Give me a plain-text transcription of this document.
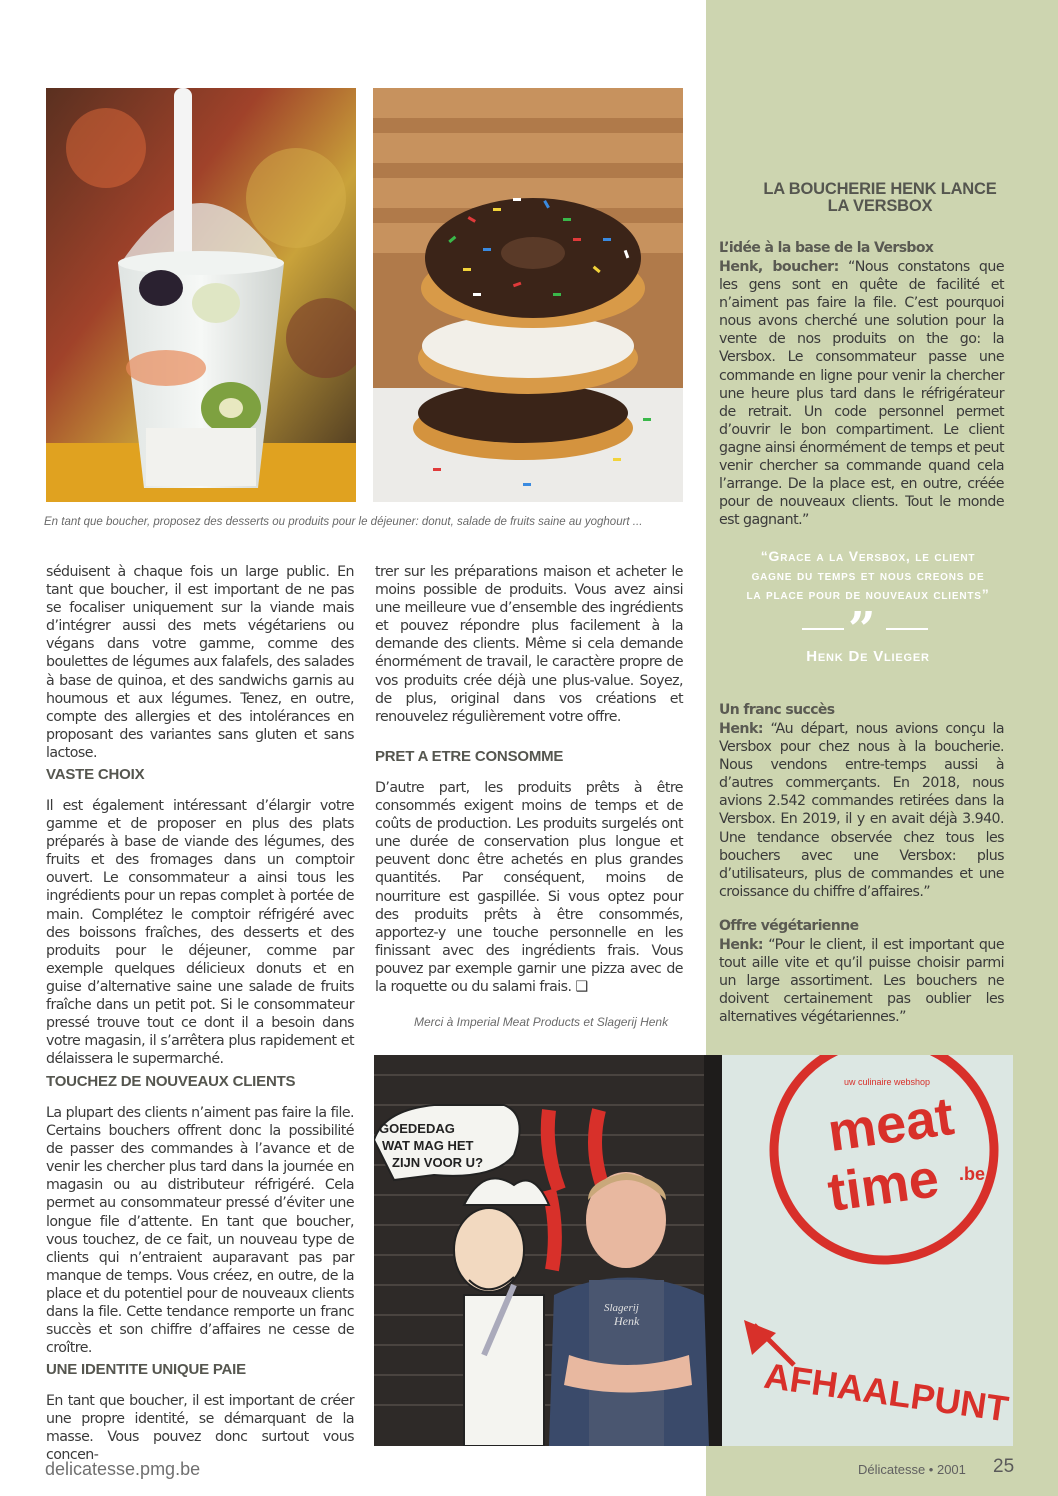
En tant que boucher, proposez des desserts ou produits pour le déjeuner: donut, salade de fruits saine au yoghourt ...

séduisent à chaque fois un large public. En tant que boucher, il est important de ne pas se focaliser uniquement sur la viande mais d’intégrer aussi des mets végétariens ou végans dans votre gamme, comme des boulettes de légumes aux falafels, des salades à base de quinoa, et des sandwichs garnis au houmous et aux légumes. Tenez, en outre, compte des allergies et des intolérances en proposant des variantes sans gluten et sans lactose.

VASTE CHOIX

Il est également intéressant d’élargir votre gamme et de proposer en plus des plats préparés à base de viande des légumes, des fruits et des fromages dans un comptoir ouvert. Le consommateur a ainsi tous les ingrédients pour un repas complet à portée de main. Complétez le comptoir réfrigéré avec des boissons fraîches, des desserts et des produits pour le déjeuner, comme par exemple quelques délicieux donuts et en guise d’alternative saine une salade de fruits fraîche dans un petit pot. Si le consommateur pressé trouve tout ce dont il a besoin dans votre magasin, il s’arrêtera plus rapidement et délaissera le supermarché.

TOUCHEZ DE NOUVEAUX CLIENTS

La plupart des clients n’aiment pas faire la file. Certains bouchers offrent donc la possibilité de passer des commandes à l’avance et de venir les chercher plus tard dans la journée en magasin ou au distributeur réfrigéré. Cela permet au consommateur pressé d’éviter une longue file d’attente. En tant que boucher, vous touchez, de ce fait, un nouveau type de clients qui n’entraient auparavant pas par manque de temps. Vous créez, en outre, de la place et du potentiel pour de nouveaux clients dans la file. Cette tendance remporte un franc succès et son chiffre d’affaires ne cesse de croître.

UNE IDENTITE UNIQUE PAIE

En tant que boucher, il est important de créer une propre identité, se démarquant de la masse. Vous pouvez donc surtout vous concen-

trer sur les préparations maison et acheter le moins possible de produits. Vous avez ainsi une meilleure vue d’ensemble des ingrédients et pouvez répondre plus facilement à la demande des clients. Même si cela demande énormément de travail, le caractère propre de vos produits crée déjà une plus-value. Soyez, de plus, original dans vos créations et renouvelez régulièrement votre offre.

PRET A ETRE CONSOMME

D’autre part, les produits prêts à être consommés exigent moins de temps et de coûts de production. Les produits surgelés ont une durée de conservation plus longue et peuvent donc être achetés en plus grandes quantités. Par conséquent, moins de nourriture est gaspillée. Si vous optez pour des produits prêts à être consommés, apportez-y une touche personnelle en les finissant avec des ingrédients frais. Vous pouvez par exemple garnir une pizza avec de la roquette ou du salami frais. ❑

Merci à Imperial Meat Products et Slagerij Henk
LA BOUCHERIE HENK LANCE
LA VERSBOX
L’idée à la base de la Versbox
Henk, boucher: “Nous constatons que les gens sont en quête de facilité et n’aiment pas faire la file. C’est pourquoi nous avons cherché une solution pour la vente de nos produits on the go: la Versbox. Le consommateur passe une commande en ligne pour venir la chercher une heure plus tard dans le réfrigérateur de retrait. Un code personnel permet d’ouvrir le bon compartiment. Le client gagne ainsi énormément de temps et peut venir chercher sa commande quand cela l’arrange. De la place est, en outre, créée pour de nouveaux clients. Tout le monde est gagnant.”
“Grace a la Versbox, le client
gagne du temps et nous creons de
la place pour de nouveaux clients”
”
Henk De Vlieger
Un franc succès
Henk: “Au départ, nous avions conçu la Versbox pour chez nous à la boucherie. Nous vendons entre-temps aussi à d’autres commerçants. En 2018, nous avions 2.542 commandes retirées dans la Versbox. En 2019, il y en avait déjà 3.940. Une tendance observée chez tous les bouchers avec une Versbox: plus d’utilisateurs, plus de commandes et une croissance du chiffre d’affaires.”
Offre végétarienne
Henk: “Pour le client, il est important que tout aille vite et qu’il puisse choisir parmi un large assortiment. Les bouchers ne doivent certainement pas oublier les alternatives végétariennes.”
GOEDEDAG
WAT MAG HET
ZIJN VOOR U?
Slagerij
Henk
uw culinaire webshop
meat
time .be
AFHAALPUNT
delicatesse.pmg.be	Délicatesse • 2001 25
